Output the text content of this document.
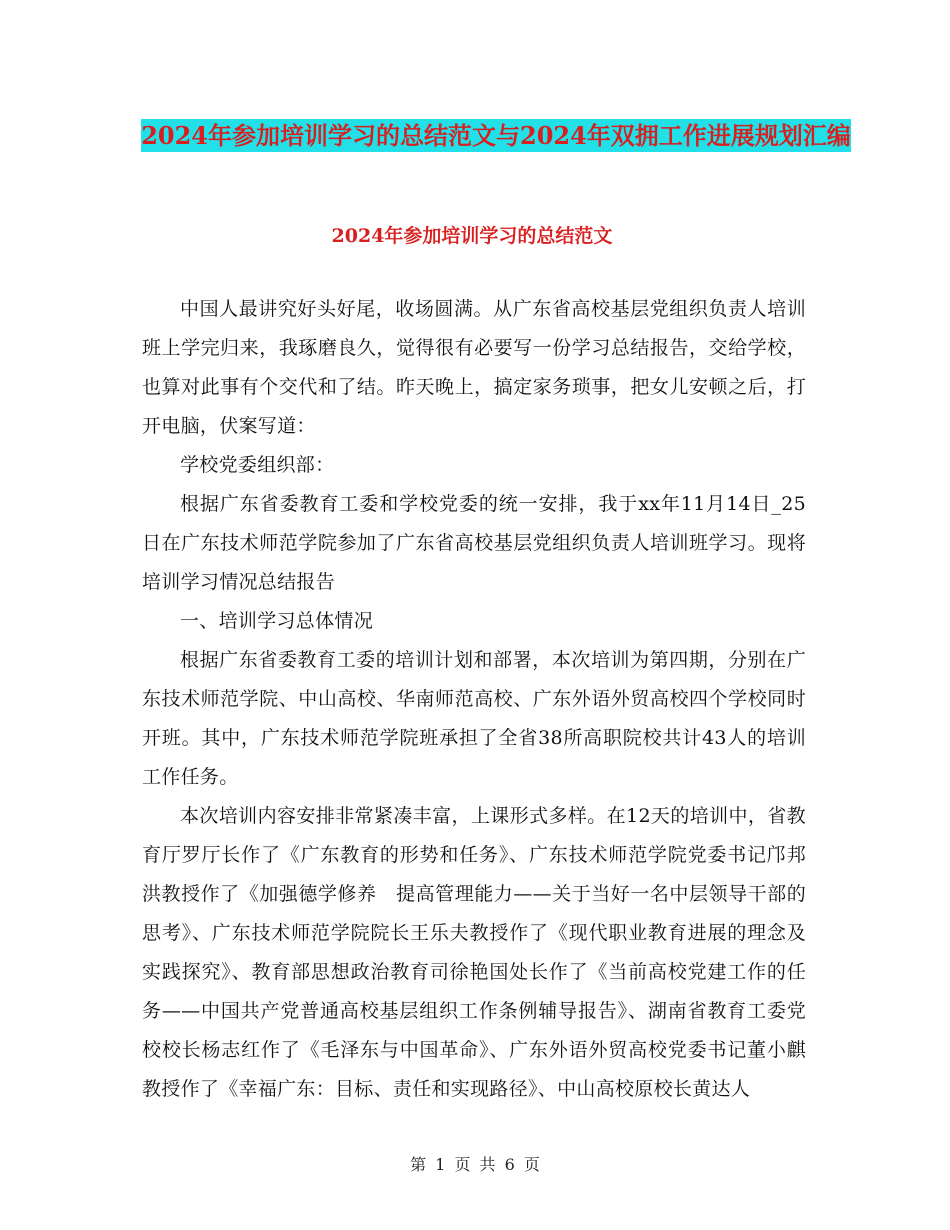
2024年参加培训学习的总结范文与2024年双拥工作进展规划汇编
2024年参加培训学习的总结范文

中国人最讲究好头好尾，收场圆满。从广东省高校基层党组织负责人培训班上学完归来，我琢磨良久，觉得很有必要写一份学习总结报告，交给学校，也算对此事有个交代和了结。昨天晚上，搞定家务琐事，把女儿安顿之后，打开电脑，伏案写道：

学校党委组织部：

根据广东省委教育工委和学校党委的统一安排，我于xx年11月14日_25日在广东技术师范学院参加了广东省高校基层党组织负责人培训班学习。现将培训学习情况总结报告

一、培训学习总体情况

根据广东省委教育工委的培训计划和部署，本次培训为第四期，分别在广东技术师范学院、中山高校、华南师范高校、广东外语外贸高校四个学校同时开班。其中，广东技术师范学院班承担了全省38所高职院校共计43人的培训工作任务。

本次培训内容安排非常紧凑丰富，上课形式多样。在12天的培训中，省教育厅罗厅长作了《广东教育的形势和任务》、广东技术师范学院党委书记邝邦洪教授作了《加强德学修养　提高管理能力——关于当好一名中层领导干部的思考》、广东技术师范学院院长王乐夫教授作了《现代职业教育进展的理念及实践探究》、教育部思想政治教育司徐艳国处长作了《当前高校党建工作的任务——中国共产党普通高校基层组织工作条例辅导报告》、湖南省教育工委党校校长杨志红作了《毛泽东与中国革命》、广东外语外贸高校党委书记董小麒教授作了《幸福广东：目标、责任和实现路径》、中山高校原校长黄达人

第 1 页 共 6 页
